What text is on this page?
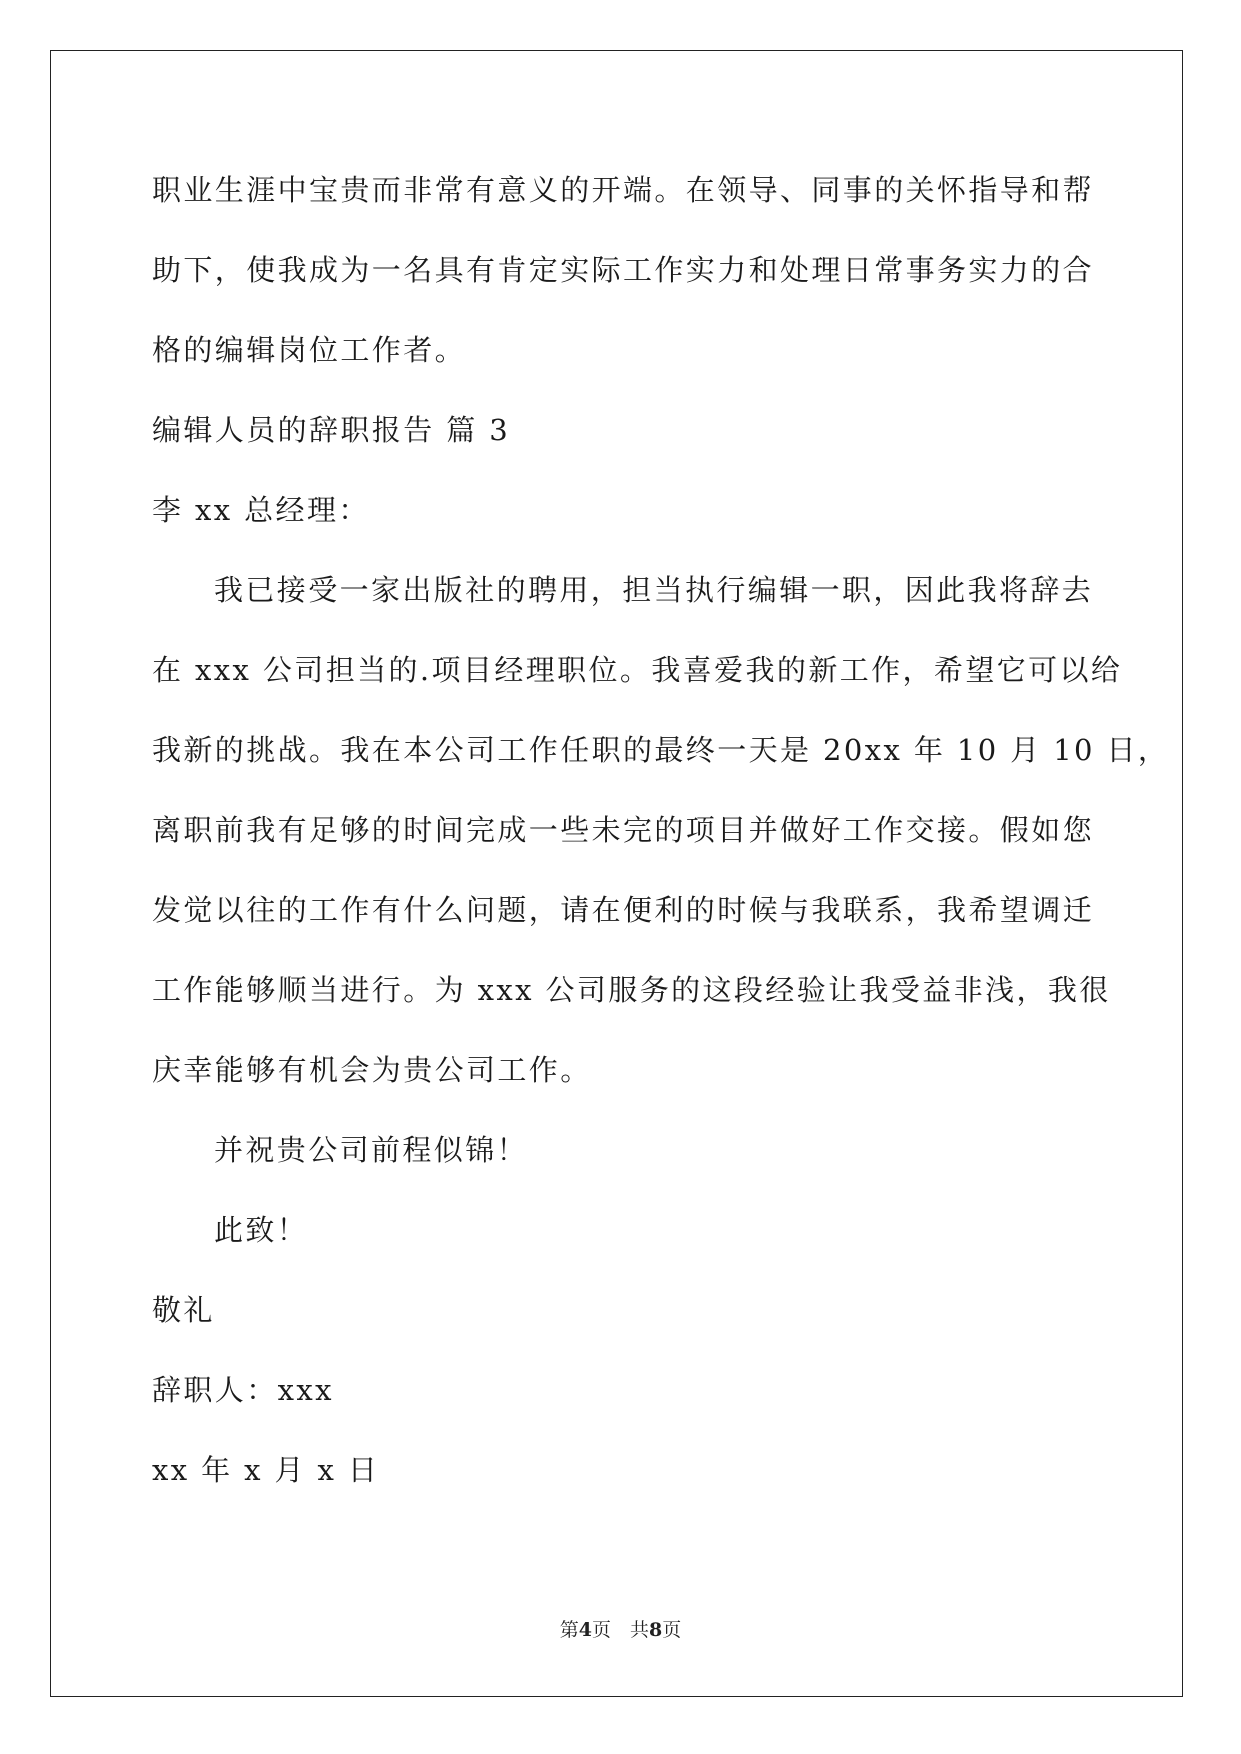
职业生涯中宝贵而非常有意义的开端。在领导、同事的关怀指导和帮
助下，使我成为一名具有肯定实际工作实力和处理日常事务实力的合
格的编辑岗位工作者。
编辑人员的辞职报告 篇 3
李 xx 总经理：
我已接受一家出版社的聘用，担当执行编辑一职，因此我将辞去
在 xxx 公司担当的.项目经理职位。我喜爱我的新工作，希望它可以给
我新的挑战。我在本公司工作任职的最终一天是 20xx 年 10 月 10 日，
离职前我有足够的时间完成一些未完的项目并做好工作交接。假如您
发觉以往的工作有什么问题，请在便利的时候与我联系，我希望调迁
工作能够顺当进行。为 xxx 公司服务的这段经验让我受益非浅，我很
庆幸能够有机会为贵公司工作。
并祝贵公司前程似锦！
此致！
敬礼
辞职人：xxx
xx 年 x 月 x 日
第4页　共8页
